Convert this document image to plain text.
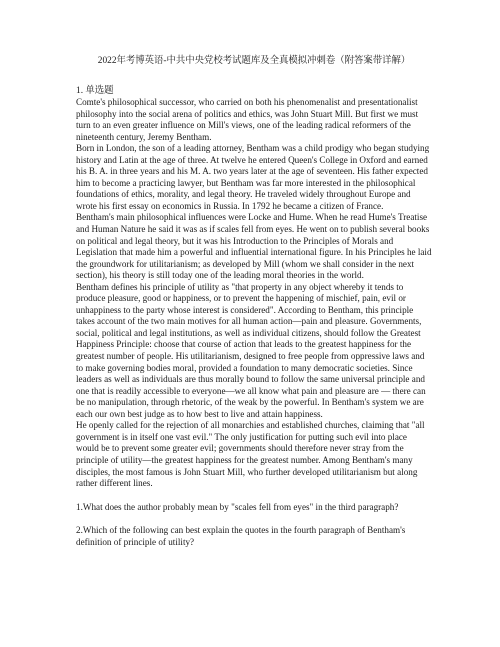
2022年考博英语-中共中央党校考试题库及全真模拟冲刺卷（附答案带详解）
1. 单选题

Comte's philosophical successor, who carried on both his phenomenalist and presentationalist philosophy into the social arena of politics and ethics, was John Stuart Mill. But first we must turn to an even greater influence on Mill's views, one of the leading radical reformers of the nineteenth century, Jeremy Bentham.

Born in London, the son of a leading attorney, Bentham was a child prodigy who began studying history and Latin at the age of three. At twelve he entered Queen's College in Oxford and earned his B. A. in three years and his M. A. two years later at the age of seventeen. His father expected him to become a practicing lawyer, but Bentham was far more interested in the philosophical foundations of ethics, morality, and legal theory. He traveled widely throughout Europe and wrote his first essay on economics in Russia. In 1792 he became a citizen of France.

Bentham's main philosophical influences were Locke and Hume. When he read Hume's Treatise and Human Nature he said it was as if scales fell from eyes. He went on to publish several books on political and legal theory, but it was his Introduction to the Principles of Morals and Legislation that made him a powerful and influential international figure. In his Principles he laid the groundwork for utilitarianism; as developed by Mill (whom we shall consider in the next section), his theory is still today one of the leading moral theories in the world.

Bentham defines his principle of utility as "that property in any object whereby it tends to produce pleasure, good or happiness, or to prevent the happening of mischief, pain, evil or unhappiness to the party whose interest is considered". According to Bentham, this principle takes account of the two main motives for all human action—pain and pleasure. Governments, social, political and legal institutions, as well as individual citizens, should follow the Greatest Happiness Principle: choose that course of action that leads to the greatest happiness for the greatest number of people. His utilitarianism, designed to free people from oppressive laws and to make governing bodies moral, provided a foundation to many democratic societies. Since leaders as well as individuals are thus morally bound to follow the same universal principle and one that is readily accessible to everyone—we all know what pain and pleasure are — there can be no manipulation, through rhetoric, of the weak by the powerful. In Bentham's system we are each our own best judge as to how best to live and attain happiness.

He openly called for the rejection of all monarchies and established churches, claiming that "all government is in itself one vast evil." The only justification for putting such evil into place would be to prevent some greater evil; governments should therefore never stray from the principle of utility—the greatest happiness for the greatest number. Among Bentham's many disciples, the most famous is John Stuart Mill, who further developed utilitarianism but along rather different lines.

1.What does the author probably mean by "scales fell from eyes" in the third paragraph?

2.Which of the following can best explain the quotes in the fourth paragraph of Bentham's definition of principle of utility?
